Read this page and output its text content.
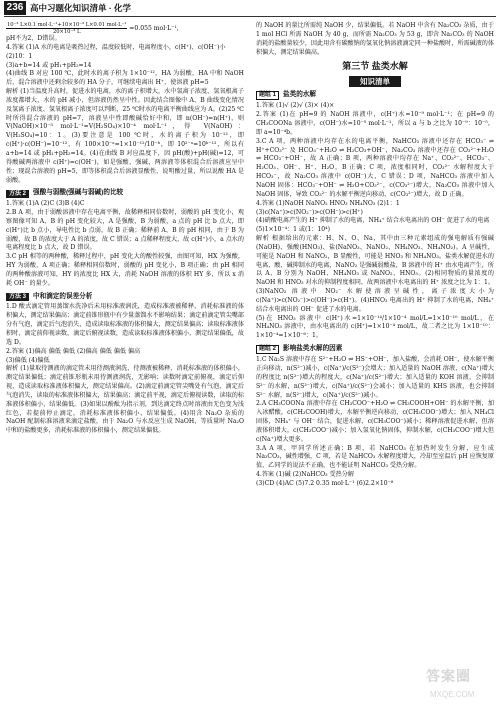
236 高中习题化知识清单 · 化学

$\frac{\text{10⁻³ L×0.1 mol·L⁻¹+10×10⁻³ L×0.01 mol·L⁻¹}}{\text{20×10⁻³ L}} =0.055$ mol·L⁻¹，

pH不为2，D错误。

4.答案 (1)A 水的电离是吸热过程，温度较低时，电离程度小，c(H⁺)、c(OH⁻)小

(2)10：1

(3)a+b=14 或 pH₁+pH₂=14

(4)曲线 B 对应 100 ℃，此时水的离子积为 1×10⁻¹²，HA 为弱酸，HA 中和 NaOH 后，混合溶液中还剩余较多的 HA 分子，可继续电离出 H⁺，使溶液 pH=5

解析 (1)当温度升高时，促进水的电离，水的离子积增大，水中氢离子浓度、氢氧根离子浓度都增大，水的 pH 减小，但溶液仍然呈中性。因此结合图像中 A、B 曲线变化情况及氢离子浓度、氢氧根离子浓度可以判断，25 ℃时水的电离平衡曲线应为 A。(2)25 ℃时所得混合溶液的 pH=7，溶液呈中性即酸碱恰好中和，即 n(OH⁻)=n(H⁺)，则 V(NaOH)×10⁻⁵ mol·L⁻¹=V(H₂SO₄)×10⁻⁴ mol·L⁻¹，得 V(NaOH)：V(H₂SO₄)=10：1。(3)要注意是 100 ℃时，水的离子积为 10⁻¹²，即 c(H⁺)·c(OH⁻)=10⁻¹²，有 100×10⁻ᵃ=1×10⁻¹²/10⁻ᵇ，即 10²⁻ᵃ=10ᵇ⁻¹²，所以有 a+b=14 或 pH₁+pH₂=14。(4)在曲线 B 对应温度下，因 pH(酸)+pH(碱)=12，可得酸碱两溶液中 c(H⁺)=c(OH⁻)，如是强酸、强碱，两溶液等体积混合后溶液应呈中性；现混合溶液的 pH=5，即等体积混合后溶液显酸性，说明酸过量，所以说酸 HA 是弱酸。

方法 2	强酸与弱酸(强碱与弱碱)的比较

1.答案 (1)A (2)C (3)B (4)C

2.B A 项，由于弱酸溶液中存在电离平衡，故稀释相同倍数时，弱酸的 pH 变化小，观察图像可知 A、B 的 pH 变化较大，A 是强酸，B 为弱酸，a 点的 pH 比 b 点大，即 c(H⁺)比 b 点小，导电性比 b 点弱，故 B 正确；稀释前 A、B 的 pH 相同，由于 B 为弱酸，故 B 的浓度大于 A 的浓度，故 C 错误；a 点稀释程度大，故 c(H⁺)小，a 点水的电离程度比 b 点大，故 D 错误。

3.C pH 相等的两种酸，稀释过程中，pH 变化大的酸性较强，由图可知，HX 为强酸，HY 为弱酸，A 项正确；稀释相同倍数时，弱酸的 pH 变化小，B 项正确；由 pH 相同的两种酸溶液可知，HY 的浓度比 HX 大，消耗 NaOH 溶液的体积 HY 多，所以 x 消耗 OH⁻ 的量少。

方法 3	中和滴定的误差分析

1.D 酸式滴定管用蒸馏水洗净后未用标准液润洗，造成标准液被稀释，消耗标准液的体积偏大，测定结果偏高；滴定前锥形瓶中有少量蒸馏水不影响结果；滴定前滴定管尖嘴部分有气泡，滴定后气泡消失，造成读取标准液的体积偏大，测定结果偏高；读取标准液体积时，滴定前仰视读数，滴定后俯视读数，造成读取标准液体积偏小，测定结果偏低，故选 D。

2.答案 (1)偏高 偏低 偏低 (2)偏高 偏低 偏低 偏高

(3)偏低 (4)偏低

解析 (1)量取待测液的滴定管未用待测液润洗，待测液被稀释，消耗标准液的体积偏小，测定结果偏低；滴定前锥形瓶未用待测液润洗，无影响；读数时滴定前俯视，滴定后仰视，造成读取标准液体积偏大，测定结果偏高。(2)滴定前滴定管尖嘴处有气泡，滴定后气泡消失，读取的标准液体积偏大，结果偏高；滴定前平视，滴定后俯视读数，读取的标准液体积偏小，结果偏低。(3)如果以酚酞为指示剂，到达滴定终点时溶液由无色变为浅红色，若提前停止滴定，消耗标准液体积偏小，结果偏低。(4)用含 Na₂O 杂质的 NaOH 配制标准溶液来滴定盐酸，由于 Na₂O 与水反应生成 NaOH，等质量时 Na₂O 中和的盐酸更多，消耗标准液的体积偏小，测定结果偏低。

的 NaOH 的量比所需纯 NaOH 少，结果偏低。若 NaOH 中含有 Na₂CO₃ 杂质，由于 1 mol HCl 所需 NaOH 为 40 g，而所需 Na₂CO₃ 为 53 g，即含 Na₂CO₃ 的 NaOH 消耗的盐酸量较少，因此用含有碳酸钠的氢氧化钠溶液滴定同一种盐酸时，所需碱液的体积偏大，测定结果偏高。

第三节 盐类水解
知识清单
题组 1	盐类的水解

1.答案 (1)√ (2)√ (3)× (4)×

2.答案 (1)在 pH=9 的 NaOH 溶液中，c(H⁺)水=10⁻⁹ mol·L⁻¹；在 pH=9 的 CH₃COONa 溶液中，c(OH⁻)水=10⁻⁵ mol·L⁻¹，所以 a 与 b 之比为 10⁻⁹：10⁻⁵，即 a=10⁻⁴b。

3.C A 项，两种溶液中均存在水的电离平衡，NaHCO₃ 溶液中还存在 HCO₃⁻ ⇌ H⁺+CO₃²⁻ 及 HCO₃⁻+H₂O ⇌ H₂CO₃+OH⁻，Na₂CO₃ 溶液中还存在 CO₃²⁻+H₂O ⇌ HCO₃⁻+OH⁻，故 A 正确；B 项，两种溶液中均存在 Na⁺、CO₃²⁻、HCO₃⁻、H₂CO₃、OH⁻、H⁺、H₂O，B 正确；C 项，浓度相同时，CO₃²⁻ 水解程度大于 HCO₃⁻，故 Na₂CO₃ 溶液中 c(OH⁻)大，C 错误；D 项，NaHCO₃ 溶液中加入 NaOH 固体：HCO₃⁻+OH⁻ ⇌ H₂O+CO₃²⁻，c(CO₃²⁻)增大，Na₂CO₃ 溶液中加入 NaOH 固体，导致 CO₃²⁻ 的水解平衡逆向移动，c(CO₃²⁻)增大，故 D 正确。

4.答案 (1)NaOH NaNO₂ HNO₃ NH₄NO₃ (2)1：1

(3)c(Na⁺)>c(NO₂⁻)>c(OH⁻)>c(H⁺)

(4)硝酸电离产生的 H⁺ 抑制了水的电离，NH₄⁺ 结合水电离出的 OH⁻ 促进了水的电离

(5)1×10⁻⁴：1 或(1：10⁴)

解析 根据给出的元素：H、N、O、Na，其中由三种元素组成的强电解质有强碱(NaOH)、强酸(HNO₃)、盐(NaNO₃、NaNO₂、NH₄NO₃、NH₄NO₂)。A 呈碱性，可能是 NaOH 和 NaNO₂，B 显酸性，可能是 HNO₃ 和 NH₄NO₃。盐类水解促进水的电离，酸、碱抑制水的电离，NaNO₂ 是强碱弱酸盐，B 溶液中的 H⁺ 由水电离产生，所以 A、B 分别为 NaOH、NH₄NO₃ 或 NaNO₂、HNO₃。(2)相同物质的量浓度的 NaOH 和 HNO₃ 对水的抑制程度相同，故两溶液中水电离出的 H⁺ 浓度之比为 1：1。(3)NaNO₂ 溶液中 NO₂⁻ 水解使溶液呈碱性，离子浓度大小为 c(Na⁺)>c(NO₂⁻)>c(OH⁻)>c(H⁺)。(4)HNO₃ 电离出的 H⁺ 抑制了水的电离，NH₄⁺ 结合水电离出的 OH⁻ 促进了水的电离。

(5)在 HNO₃ 溶液中 c(H⁺)水=1×10⁻¹⁴/1×10⁻⁴ mol/L=1×10⁻¹⁰ mol/L，在 NH₄NO₃ 溶液中，由水电离出的 c(H⁺)=1×10⁻⁴ mol/L，故二者之比为 1×10⁻¹⁰：1×10⁻⁴=1×10⁻⁶：1。

题组 2	影响盐类水解的因素

1.C Na₂S 溶液中存在 S²⁻+H₂O ⇌ HS⁻+OH⁻，加入盐酸，会消耗 OH⁻，使水解平衡正向移动，n(S²⁻)减小，c(Na⁺)/c(S²⁻)会增大；加入适量的 NaOH 溶液，c(Na⁺)增大的程度比 n(S²⁻)增大的程度大，c(Na⁺)/c(S²⁻)增大；加入适量的 KOH 溶液，会抑制 S²⁻ 的水解，n(S²⁻)增大，c(Na⁺)/c(S²⁻)会减小；加入适量的 KHS 溶液，也会抑制 S²⁻ 水解，n(S²⁻)增大，c(Na⁺)/c(S²⁻)减小。

2.A CH₃COONa 溶液中存在 CH₃COO⁻+H₂O ⇌ CH₃COOH+OH⁻ 的水解平衡，加入冰醋酸，c(CH₃COOH)增大，水解平衡逆向移动，c(CH₃COO⁻)增大；加入 NH₄Cl 固体，NH₄⁺ 与 OH⁻ 结合，促进水解，c(CH₃COO⁻)减小；稀释溶液促进水解，但溶液体积增大，c(CH₃COO⁻)减小；加入氢氧化钠固体，抑制水解，c(CH₃COO⁻)增大但 c(Na⁺)增大更多。

3.A A 项，甲同学所述正确；B 项，若 NaHCO₃ 在加热时发生分解，应生成 Na₂CO₃，碱性增强，C 项，若是 NaHCO₃ 水解程度增大，冷却至室温后 pH 应恢复原值，乙同学的说法不正确，也不能证明 NaHCO₃ 受热分解。

4.答案 (1)碱 (2)NaHCO₃ 受热分解

(3)CD (4)AC (5)7.2 0.35 mol·L⁻¹ (6)2.2×10⁻⁸

答案圈
MXQE.COM
